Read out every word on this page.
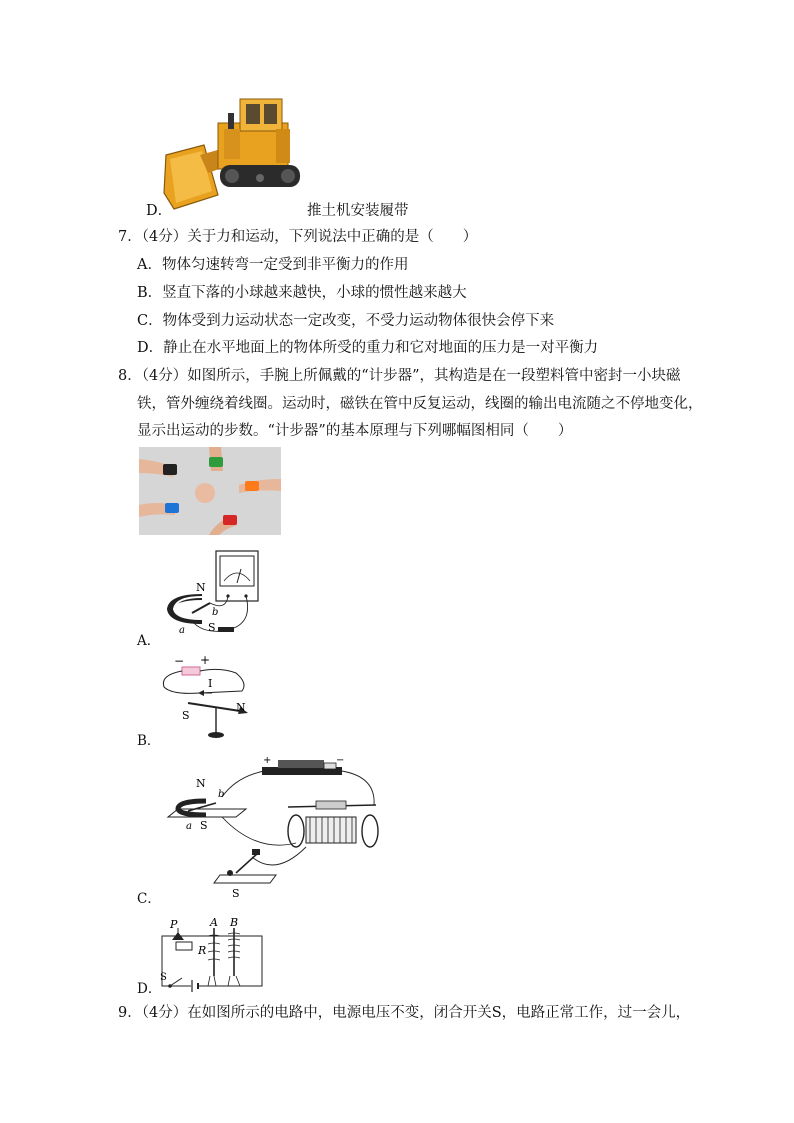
D．	推土机安装履带
7．（4分）关于力和运动，下列说法中正确的是（　　）
A．物体匀速转弯一定受到非平衡力的作用
B．竖直下落的小球越来越快，小球的惯性越来越大
C．物体受到力运动状态一定改变，不受力运动物体很快会停下来
D．静止在水平地面上的物体所受的重力和它对地面的压力是一对平衡力
8．（4分）如图所示，手腕上所佩戴的“计步器”，其构造是在一段塑料管中密封一小块磁
铁，管外缠绕着线圈。运动时，磁铁在管中反复运动，线圈的输出电流随之不停地变化，
显示出运动的步数。“计步器”的基本原理与下列哪幅图相同（　　）
N
S
a
b
A．
− +
I
S
N
B．
+	−
N
b
a S
S
C．
P
R
A B
S
D．
9．（4分）在如图所示的电路中，电源电压不变，闭合开关S，电路正常工作，过一会儿，
